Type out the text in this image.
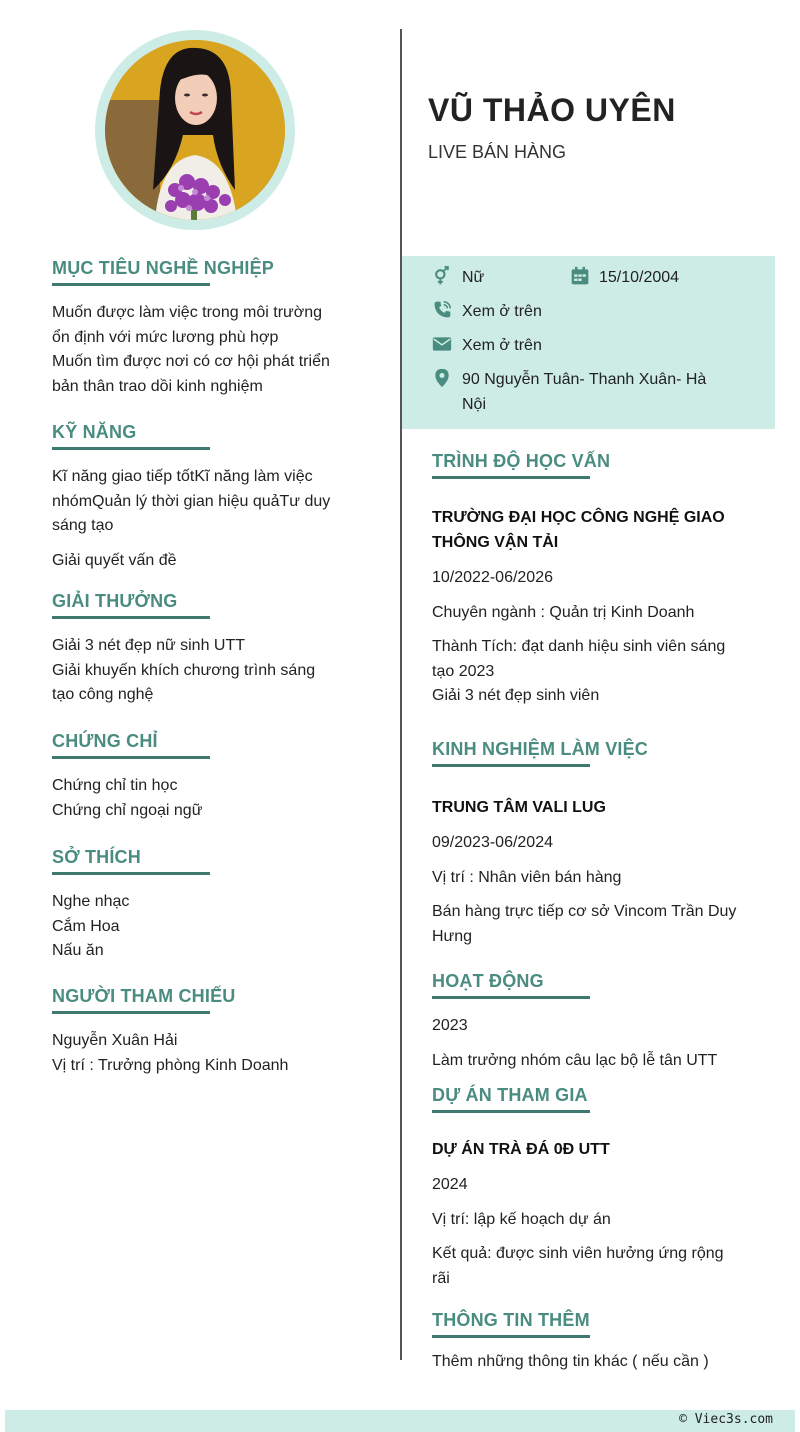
MỤC TIÊU NGHỀ NGHIỆP
Muốn được làm việc trong môi trường
ổn định với mức lương phù hợp
Muốn tìm được nơi có cơ hội phát triển
bản thân trao dồi kinh nghiệm
KỸ NĂNG
Kĩ năng giao tiếp tốtKĩ năng làm việc
nhómQuản lý thời gian hiệu quảTư duy
sáng tạo
Giải quyết vấn đề
GIẢI THƯỞNG
Giải 3 nét đẹp nữ sinh UTT
Giải khuyến khích chương trình sáng
tạo công nghệ
CHỨNG CHỈ
Chứng chỉ tin học
Chứng chỉ ngoại ngữ
SỞ THÍCH
Nghe nhạc
Cắm Hoa
Nấu ăn
NGƯỜI THAM CHIẾU
Nguyễn Xuân Hải
Vị trí : Trưởng phòng Kinh Doanh
VŨ THẢO UYÊN
LIVE BÁN HÀNG
Nữ	15/10/2004
Xem ở trên
Xem ở trên
90 Nguyễn Tuân- Thanh Xuân- Hà
Nội
TRÌNH ĐỘ HỌC VẤN
TRƯỜNG ĐẠI HỌC CÔNG NGHỆ GIAO
THÔNG VẬN TẢI
10/2022-06/2026
Chuyên ngành : Quản trị Kinh Doanh
Thành Tích: đạt danh hiệu sinh viên sáng
tạo 2023
Giải 3 nét đẹp sinh viên
KINH NGHIỆM LÀM VIỆC
TRUNG TÂM VALI LUG
09/2023-06/2024
Vị trí : Nhân viên bán hàng
Bán hàng trực tiếp cơ sở Vincom Trần Duy
Hưng
HOẠT ĐỘNG
2023
Làm trưởng nhóm câu lạc bộ lễ tân UTT
DỰ ÁN THAM GIA
DỰ ÁN TRÀ ĐÁ 0Đ UTT
2024
Vị trí: lập kế hoạch dự án
Kết quả: được sinh viên hưởng ứng rộng
rãi
THÔNG TIN THÊM
Thêm những thông tin khác ( nếu cần )
© Viec3s.com
